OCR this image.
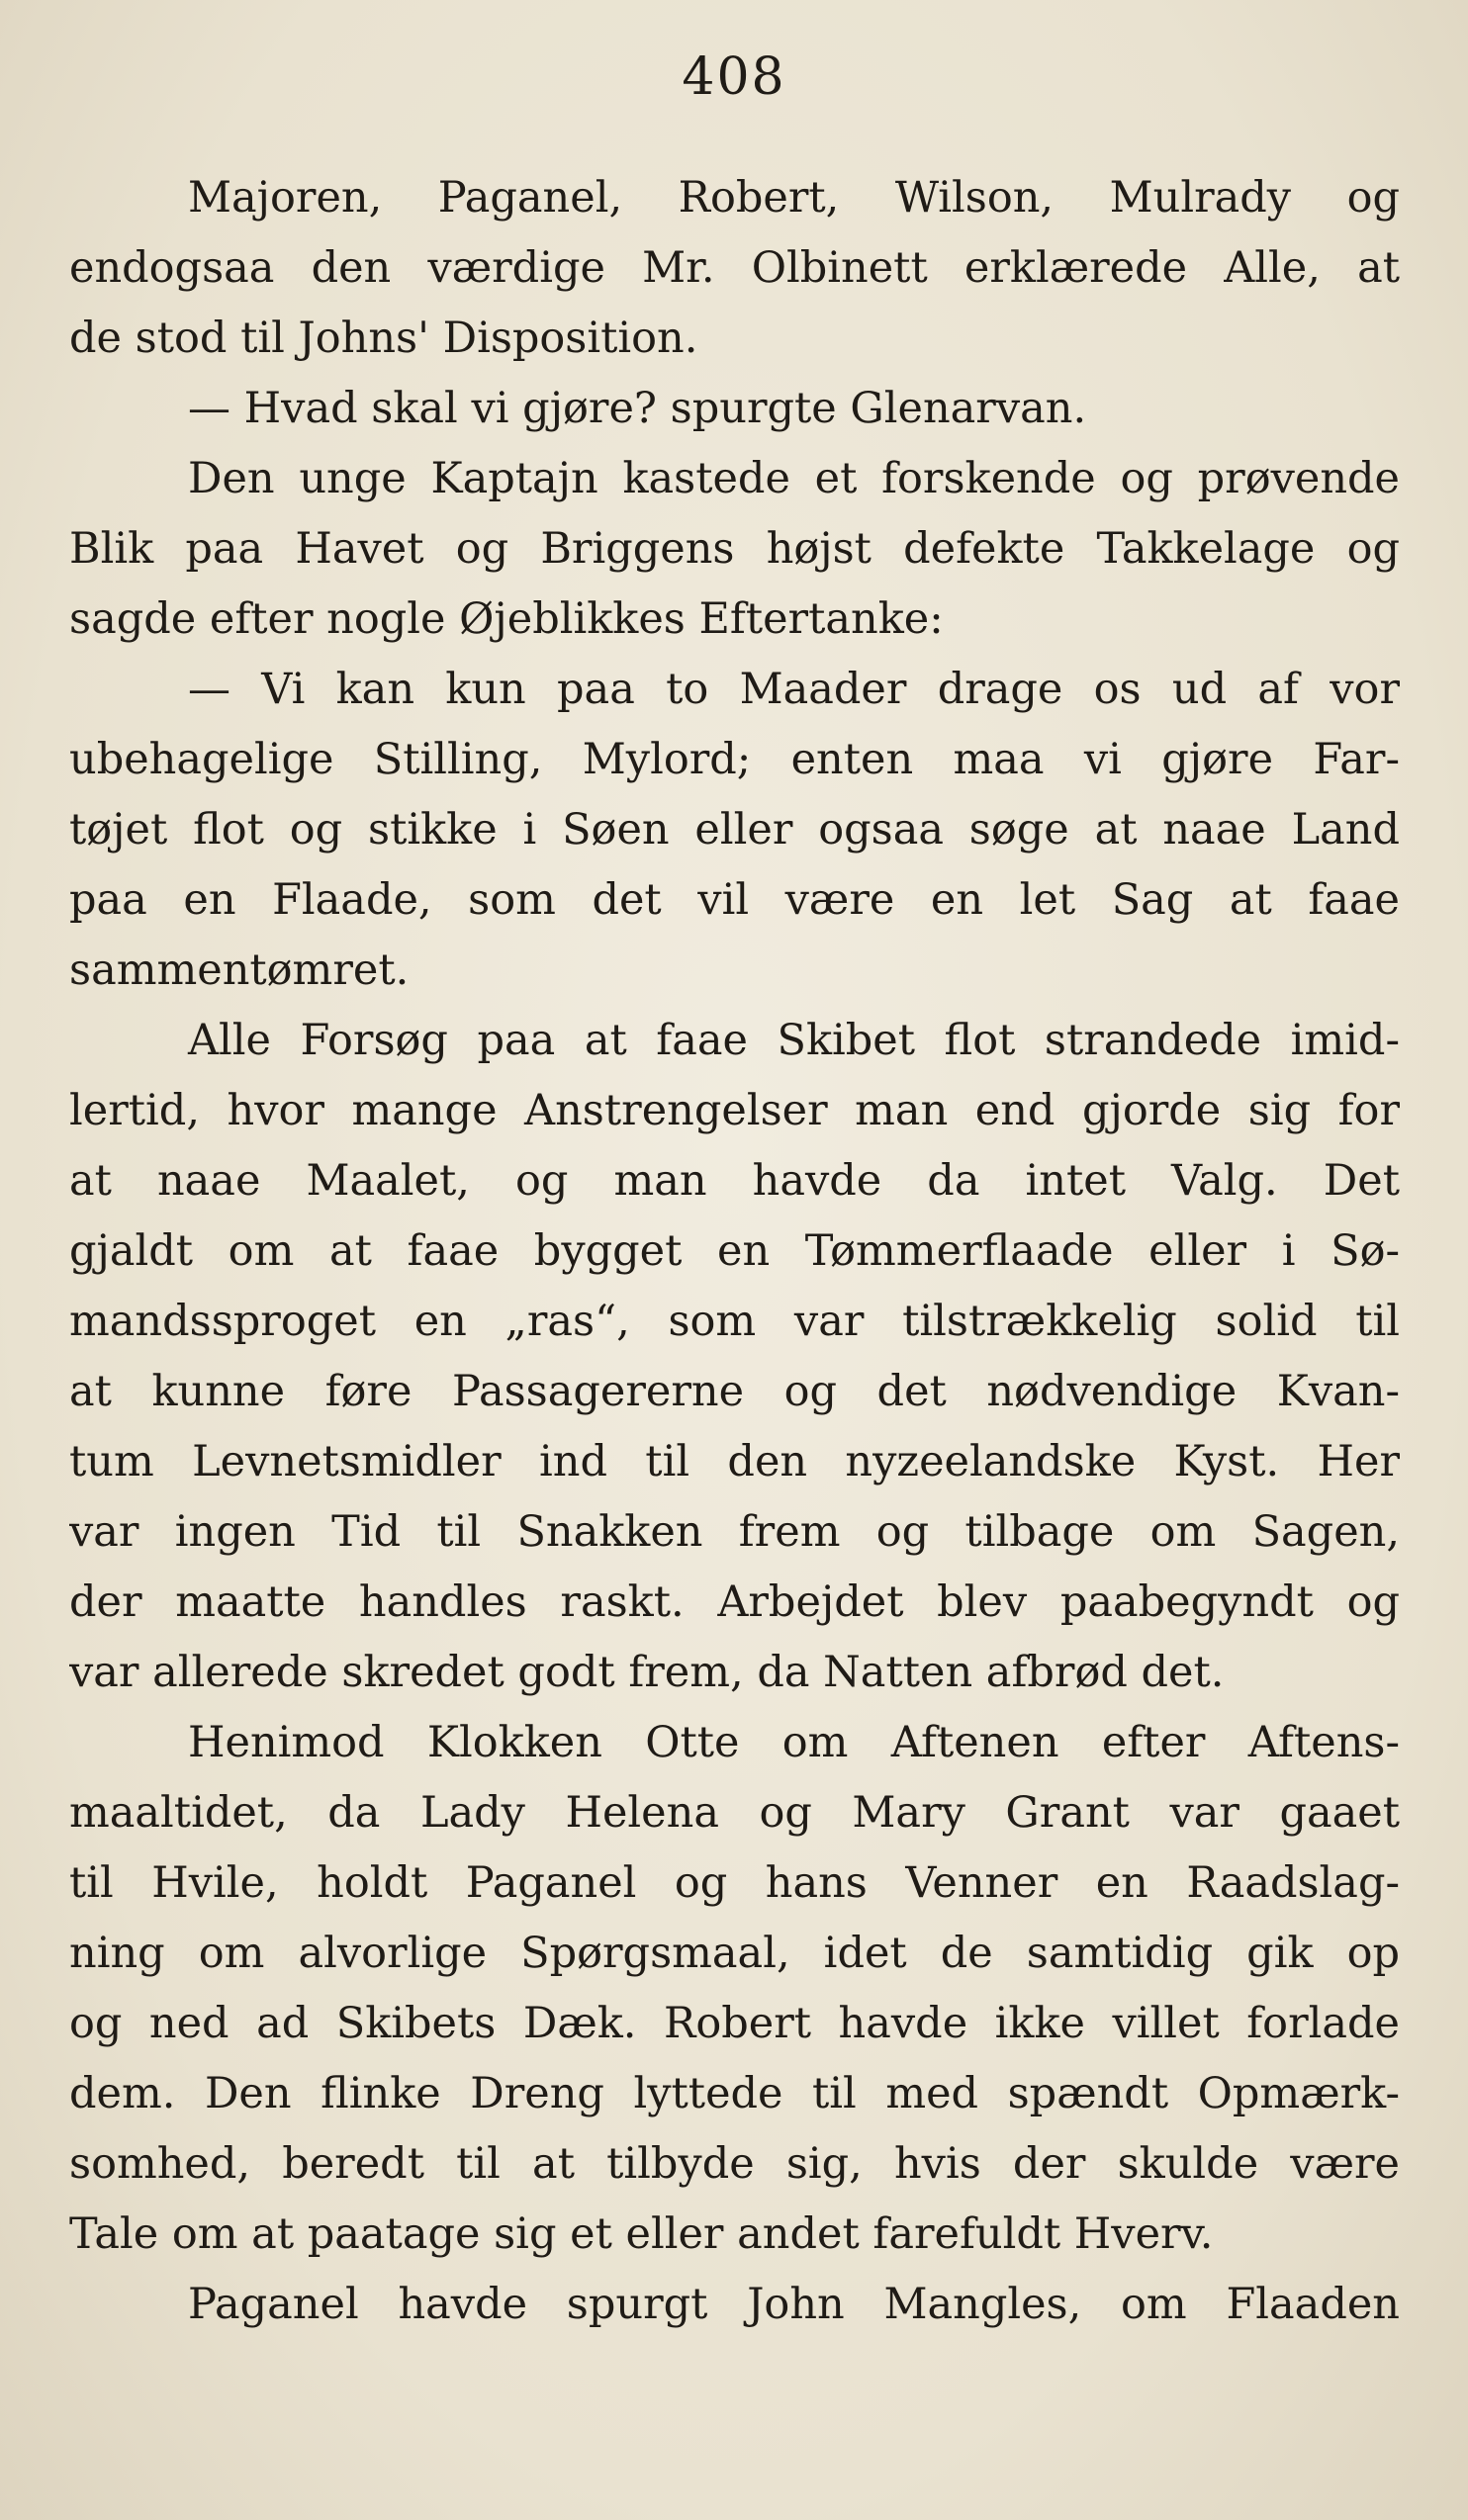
408
Majoren, Paganel, Robert, Wilson, Mulrady og
endogsaa den værdige Mr. Olbinett erklærede Alle, at
de stod til Johns' Disposition.
— Hvad skal vi gjøre? spurgte Glenarvan.
Den unge Kaptajn kastede et forskende og prøvende
Blik paa Havet og Briggens højst defekte Takkelage og
sagde efter nogle Øjeblikkes Eftertanke:
— Vi kan kun paa to Maader drage os ud af vor
ubehagelige Stilling, Mylord; enten maa vi gjøre Far-
tøjet flot og stikke i Søen eller ogsaa søge at naae Land
paa en Flaade, som det vil være en let Sag at faae
sammentømret.
Alle Forsøg paa at faae Skibet flot strandede imid-
lertid, hvor mange Anstrengelser man end gjorde sig for
at naae Maalet, og man havde da intet Valg. Det
gjaldt om at faae bygget en Tømmerflaade eller i Sø-
mandssproget en „ras“, som var tilstrækkelig solid til
at kunne føre Passagererne og det nødvendige Kvan-
tum Levnetsmidler ind til den nyzeelandske Kyst. Her
var ingen Tid til Snakken frem og tilbage om Sagen,
der maatte handles raskt. Arbejdet blev paabegyndt og
var allerede skredet godt frem, da Natten afbrød det.
Henimod Klokken Otte om Aftenen efter Aftens-
maaltidet, da Lady Helena og Mary Grant var gaaet
til Hvile, holdt Paganel og hans Venner en Raadslag-
ning om alvorlige Spørgsmaal, idet de samtidig gik op
og ned ad Skibets Dæk. Robert havde ikke villet forlade
dem. Den flinke Dreng lyttede til med spændt Opmærk-
somhed, beredt til at tilbyde sig, hvis der skulde være
Tale om at paatage sig et eller andet farefuldt Hverv.
Paganel havde spurgt John Mangles, om Flaaden
